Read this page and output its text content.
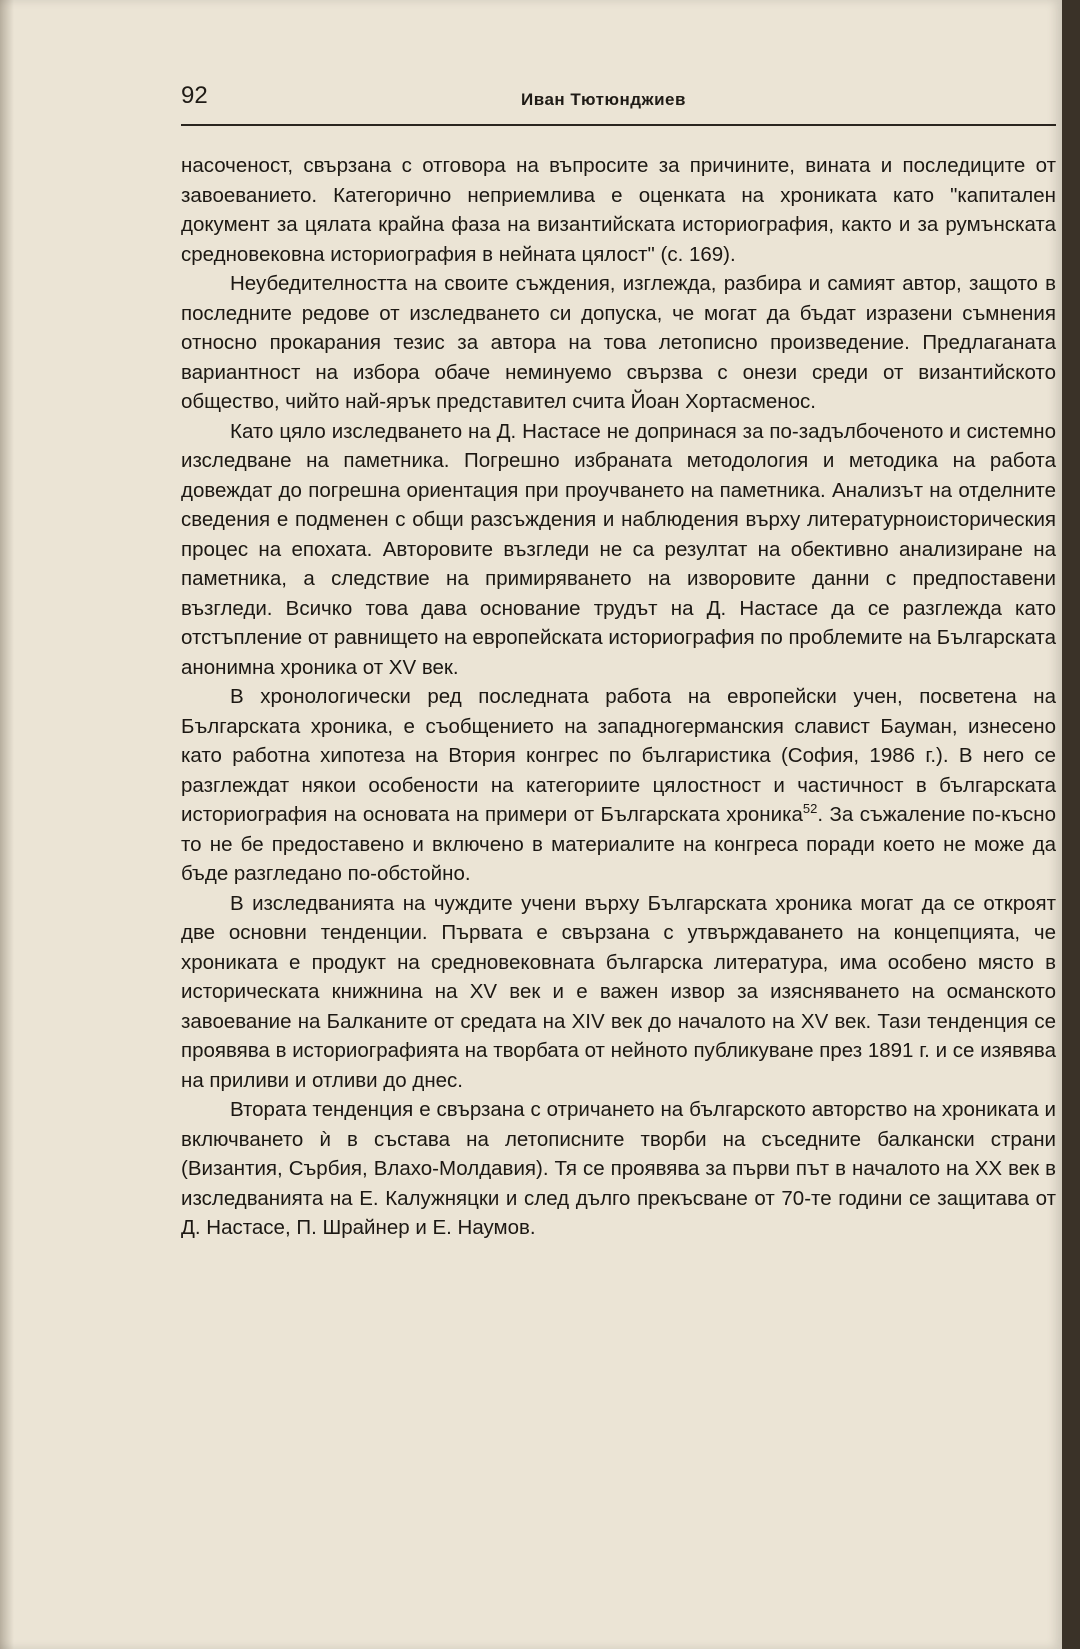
92	Иван Тютюнджиев

насоченост, свързана с отговора на въпросите за причините, вината и последиците от завоеванието. Категорично неприемлива е оценката на хрониката като "капитален документ за цялата крайна фаза на византийската историография, както и за румънската средновековна историография в нейната цялост" (с. 169).

Неубедителността на своите съждения, изглежда, разбира и самият автор, защото в последните редове от изследването си допуска, че могат да бъдат изразени съмнения относно прокарания тезис за автора на това летописно произведение. Предлаганата вариантност на избора обаче неминуемо свързва с онези среди от византийското общество, чийто най-ярък представител счита Йоан Хортасменос.

Като цяло изследването на Д. Настасе не допринася за по-задълбоченото и системно изследване на паметника. Погрешно избраната методология и методика на работа довеждат до погрешна ориентация при проучването на паметника. Анализът на отделните сведения е подменен с общи разсъждения и наблюдения върху литературноисторическия процес на епохата. Авторовите възгледи не са резултат на обективно анализиране на паметника, а следствие на примиряването на изворовите данни с предпоставени възгледи. Всичко това дава основание трудът на Д. Настасе да се разглежда като отстъпление от равнището на европейската историография по проблемите на Българската анонимна хроника от XV век.

В хронологически ред последната работа на европейски учен, посветена на Българската хроника, е съобщението на западногерманския славист Бауман, изнесено като работна хипотеза на Втория конгрес по българистика (София, 1986 г.). В него се разглеждат някои особености на категориите цялостност и частичност в българската историография на основата на примери от Българската хроника$^{52}$. За съжаление по-късно то не бе предоставено и включено в материалите на конгреса поради което не може да бъде разгледано по-обстойно.

В изследванията на чуждите учени върху Българската хроника могат да се откроят две основни тенденции. Първата е свързана с утвърждаването на концепцията, че хрониката е продукт на средновековната българска литература, има особено място в историческата книжнина на XV век и е важен извор за изясняването на османското завоевание на Балканите от средата на XIV век до началото на XV век. Тази тенденция се проявява в историографията на творбата от нейното публикуване през 1891 г. и се изявява на приливи и отливи до днес.

Втората тенденция е свързана с отричането на българското авторство на хрониката и включването ѝ в състава на летописните творби на съседните балкански страни (Византия, Сърбия, Влахо-Молдавия). Тя се проявява за първи път в началото на XX век в изследванията на Е. Калужняцки и след дълго прекъсване от 70-те години се защитава от Д. Настасе, П. Шрайнер и Е. Наумов.
